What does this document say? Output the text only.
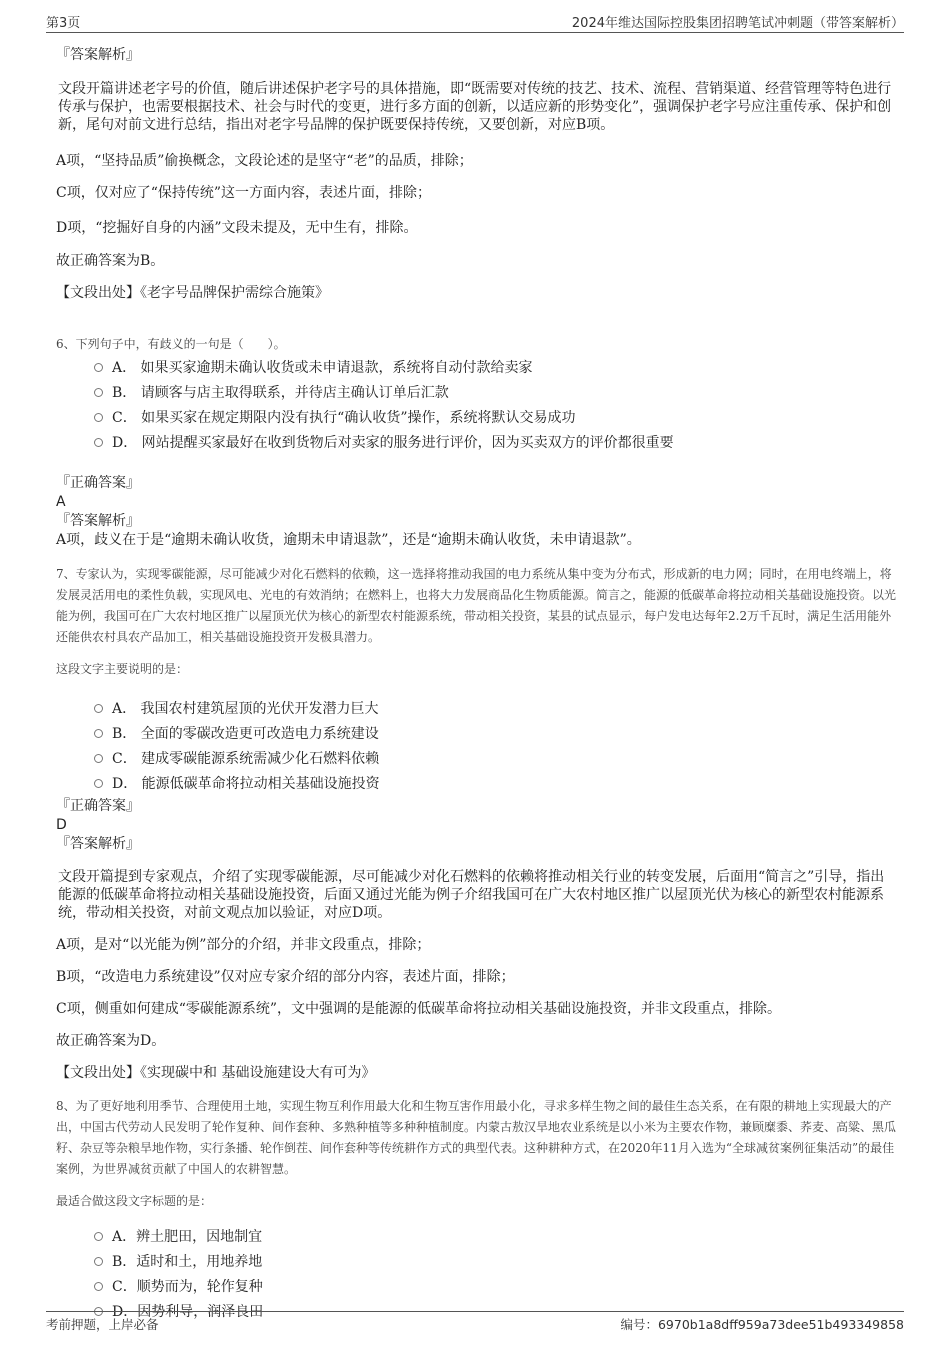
第3页	2024年维达国际控股集团招聘笔试冲刺题（带答案解析）

『答案解析』

文段开篇讲述老字号的价值，随后讲述保护老字号的具体措施，即“既需要对传统的技艺、技术、流程、营销渠道、经营管理等特色进行传承与保护，也需要根据技术、社会与时代的变更，进行多方面的创新，以适应新的形势变化”，强调保护老字号应注重传承、保护和创新，尾句对前文进行总结，指出对老字号品牌的保护既要保持传统，又要创新，对应B项。

A项，“坚持品质”偷换概念，文段论述的是坚守“老”的品质，排除；

C项，仅对应了“保持传统”这一方面内容，表述片面，排除；

D项，“挖掘好自身的内涵”文段未提及，无中生有，排除。

故正确答案为B。

【文段出处】《老字号品牌保护需综合施策》

6、下列句子中，有歧义的一句是（　　）。

A． 如果买家逾期未确认收货或未申请退款，系统将自动付款给卖家
B． 请顾客与店主取得联系，并待店主确认订单后汇款
C． 如果买家在规定期限内没有执行“确认收货”操作，系统将默认交易成功
D． 网站提醒买家最好在收到货物后对卖家的服务进行评价，因为买卖双方的评价都很重要

『正确答案』

A

『答案解析』

A项，歧义在于是“逾期未确认收货，逾期未申请退款”，还是“逾期未确认收货，未申请退款”。

7、专家认为，实现零碳能源，尽可能减少对化石燃料的依赖，这一选择将推动我国的电力系统从集中变为分布式，形成新的电力网；同时，在用电终端上，将发展灵活用电的柔性负载，实现风电、光电的有效消纳；在燃料上，也将大力发展商品化生物质能源。简言之，能源的低碳革命将拉动相关基础设施投资。以光能为例，我国可在广大农村地区推广以屋顶光伏为核心的新型农村能源系统，带动相关投资，某县的试点显示，每户发电达每年2.2万千瓦时，满足生活用能外还能供农村具农产品加工，相关基础设施投资开发极具潜力。

这段文字主要说明的是：

A． 我国农村建筑屋顶的光伏开发潜力巨大
B． 全面的零碳改造更可改造电力系统建设
C． 建成零碳能源系统需减少化石燃料依赖
D． 能源低碳革命将拉动相关基础设施投资

『正确答案』

D

『答案解析』

文段开篇提到专家观点，介绍了实现零碳能源，尽可能减少对化石燃料的依赖将推动相关行业的转变发展，后面用“简言之”引导，指出能源的低碳革命将拉动相关基础设施投资，后面又通过光能为例子介绍我国可在广大农村地区推广以屋顶光伏为核心的新型农村能源系统，带动相关投资，对前文观点加以验证，对应D项。

A项，是对“以光能为例”部分的介绍，并非文段重点，排除；

B项，“改造电力系统建设”仅对应专家介绍的部分内容，表述片面，排除；

C项，侧重如何建成“零碳能源系统”，文中强调的是能源的低碳革命将拉动相关基础设施投资，并非文段重点，排除。

故正确答案为D。

【文段出处】《实现碳中和 基础设施建设大有可为》

8、为了更好地利用季节、合理使用土地，实现生物互利作用最大化和生物互害作用最小化，寻求多样生物之间的最佳生态关系，在有限的耕地上实现最大的产出，中国古代劳动人民发明了轮作复种、间作套种、多熟种植等多种种植制度。内蒙古敖汉旱地农业系统是以小米为主要农作物，兼顾糜黍、荞麦、高粱、黑瓜籽、杂豆等杂粮旱地作物，实行条播、轮作倒茬、间作套种等传统耕作方式的典型代表。这种耕种方式，在2020年11月入选为“全球减贫案例征集活动”的最佳案例，为世界减贫贡献了中国人的农耕智慧。

最适合做这段文字标题的是：

A．辨土肥田，因地制宜
B．适时和土，用地养地
C．顺势而为，轮作复种
D．因势利导，润泽良田
考前押题，上岸必备	编号：6970b1a8dff959a73dee51b493349858
